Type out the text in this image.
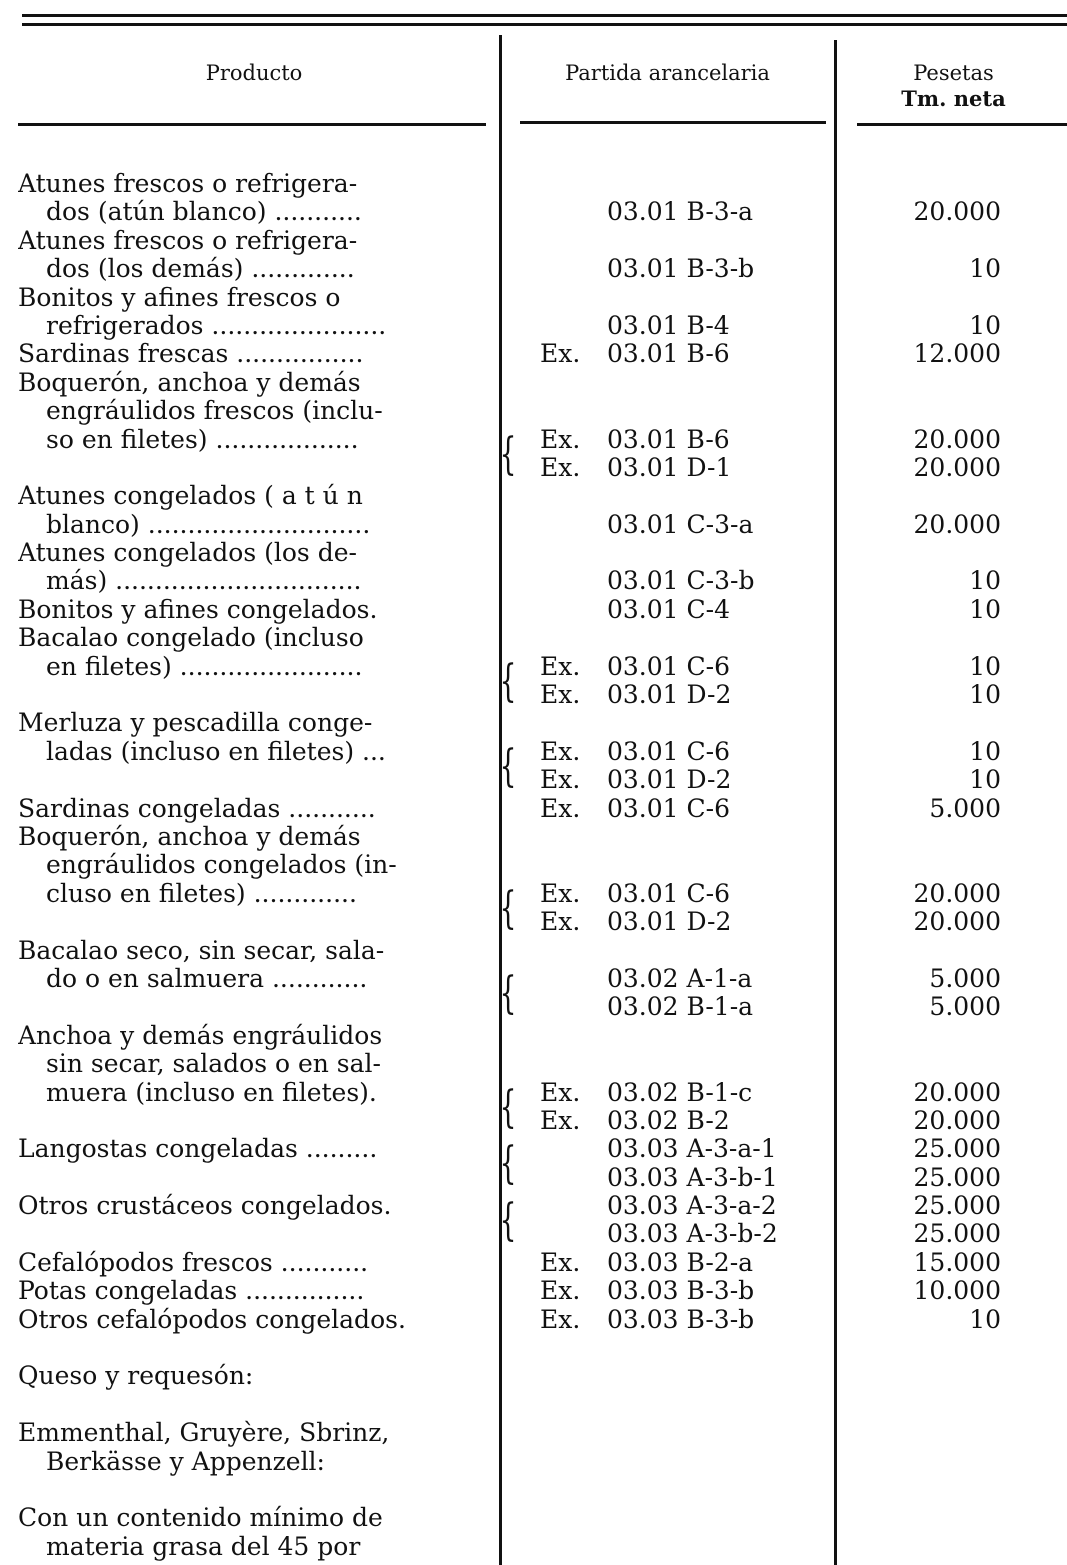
Producto	Partida arancelaria	Pesetas
Tm. neta
Atunes frescos o refrigera-
dos (atún blanco) ...........	03.01 B-3-a	20.000
Atunes frescos o refrigera-
dos (los demás) .............	03.01 B-3-b	10
Bonitos y afines frescos o
refrigerados ......................	03.01 B-4	10
Sardinas frescas ................	Ex. 03.01 B-6	12.000
Boquerón, anchoa y demás
engráulidos frescos (inclu-
so en filetes) ..................	{ Ex. 03.01 B-6	20.000
Ex. 03.01 D-1	20.000
Atunes congelados ( a t ú n
blanco) ............................	03.01 C-3-a	20.000
Atunes congelados (los de-
más) ...............................	03.01 C-3-b	10
Bonitos y afines congelados.	03.01 C-4	10
Bacalao congelado (incluso
en filetes) .......................	{ Ex. 03.01 C-6	10
Ex. 03.01 D-2	10
Merluza y pescadilla conge-
ladas (incluso en filetes) ...	{ Ex. 03.01 C-6	10
Ex. 03.01 D-2	10
Sardinas congeladas ...........	Ex. 03.01 C-6	5.000
Boquerón, anchoa y demás
engráulidos congelados (in-
cluso en filetes) .............	{ Ex. 03.01 C-6	20.000
Ex. 03.01 D-2	20.000
Bacalao seco, sin secar, sala-
do o en salmuera ............	{	03.02 A-1-a	5.000
03.02 B-1-a	5.000
Anchoa y demás engráulidos
sin secar, salados o en sal-
muera (incluso en filetes).	{ Ex. 03.02 B-1-c	20.000
Ex. 03.02 B-2	20.000
Langostas congeladas .........	{	03.03 A-3-a-1	25.000
03.03 A-3-b-1	25.000
Otros crustáceos congelados.	{	03.03 A-3-a-2	25.000
03.03 A-3-b-2	25.000
Cefalópodos frescos ...........	Ex. 03.03 B-2-a	15.000
Potas congeladas ...............	Ex. 03.03 B-3-b	10.000
Otros cefalópodos congelados.	Ex. 03.03 B-3-b	10
Queso y requesón:
Emmenthal, Gruyère, Sbrinz,
Berkässe y Appenzell:
Con un contenido mínimo de
materia grasa del 45 por
